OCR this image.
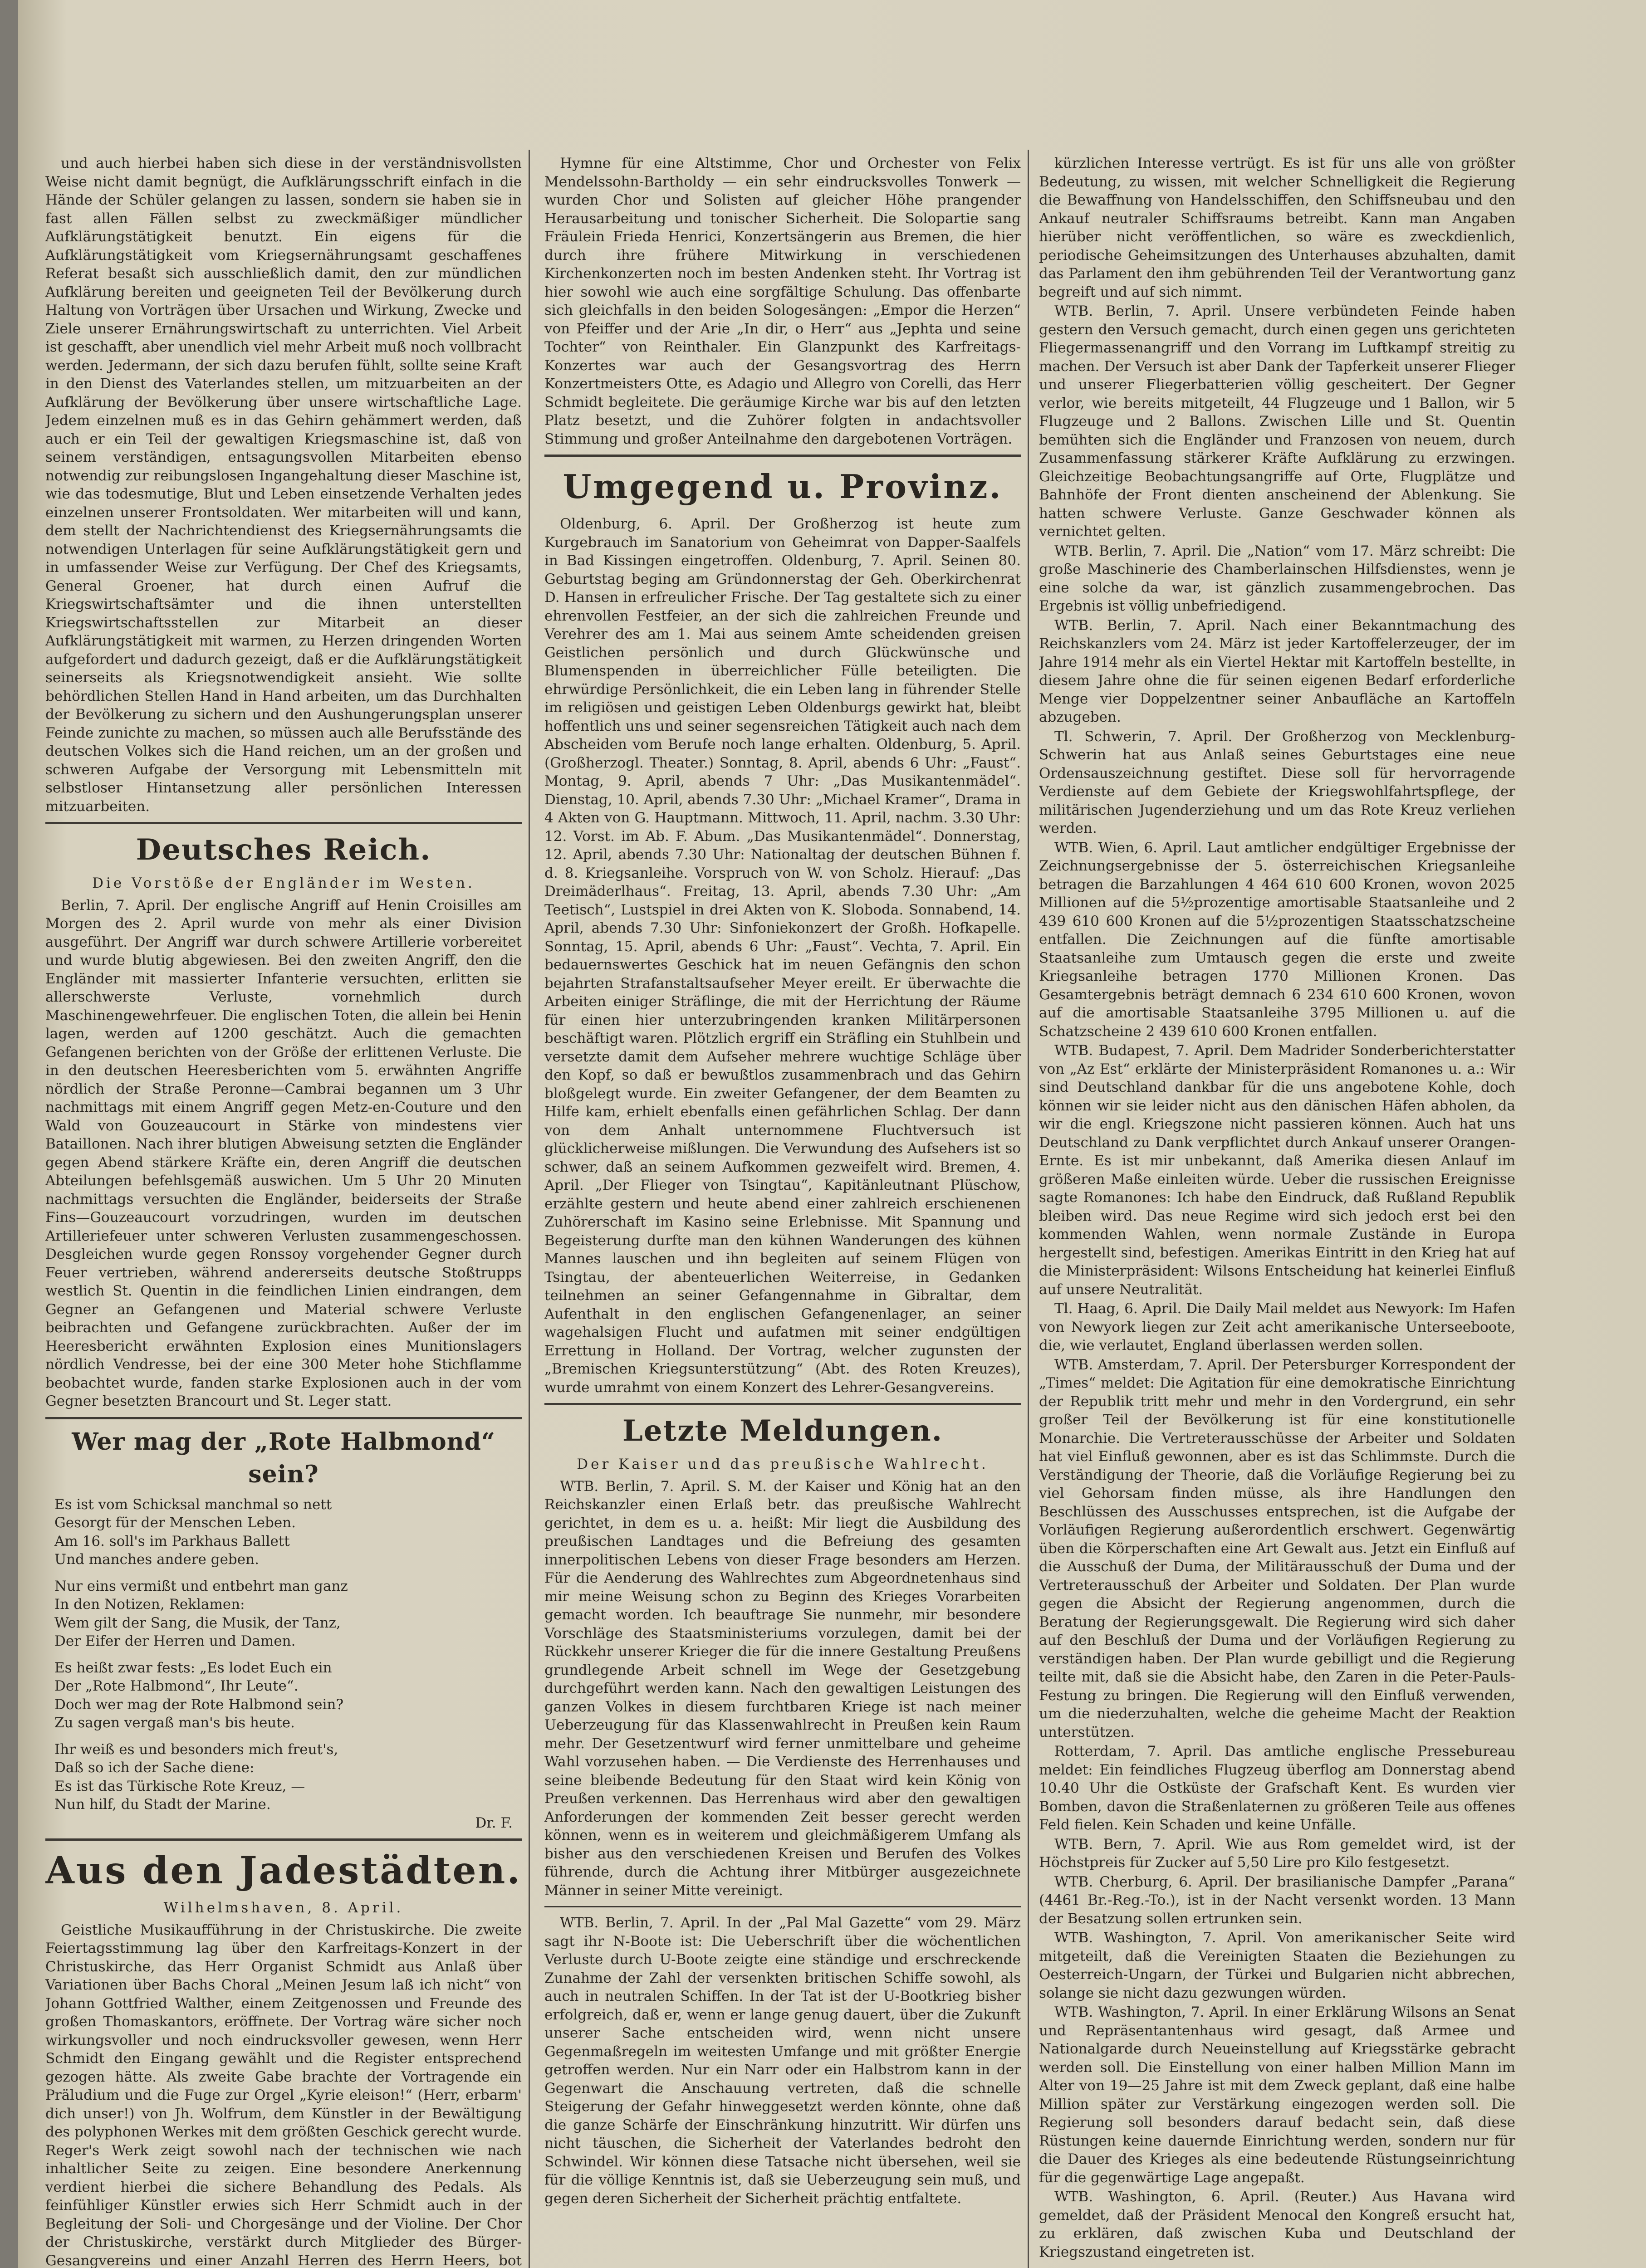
und auch hierbei haben sich diese in der verständnisvollsten Weise nicht damit begnügt, die Aufklärungsschrift einfach in die Hände der Schüler gelangen zu lassen, sondern sie haben sie in fast allen Fällen selbst zu zweckmäßiger mündlicher Aufklärungstätigkeit benutzt. Ein eigens für die Aufklärungstätigkeit vom Kriegsernährungsamt geschaffenes Referat besaßt sich ausschließlich damit, den zur mündlichen Aufklärung bereiten und geeigneten Teil der Bevölkerung durch Haltung von Vorträgen über Ursachen und Wirkung, Zwecke und Ziele unserer Ernährungswirtschaft zu unterrichten. Viel Arbeit ist geschafft, aber unendlich viel mehr Arbeit muß noch vollbracht werden. Jedermann, der sich dazu berufen fühlt, sollte seine Kraft in den Dienst des Vaterlandes stellen, um mitzuarbeiten an der Aufklärung der Bevölkerung über unsere wirtschaftliche Lage. Jedem einzelnen muß es in das Gehirn gehämmert werden, daß auch er ein Teil der gewaltigen Kriegsmaschine ist, daß von seinem verständigen, entsagungsvollen Mitarbeiten ebenso notwendig zur reibungslosen Ingangehaltung dieser Maschine ist, wie das todesmutige, Blut und Leben einsetzende Verhalten jedes einzelnen unserer Frontsoldaten. Wer mitarbeiten will und kann, dem stellt der Nachrichtendienst des Kriegsernährungsamts die notwendigen Unterlagen für seine Aufklärungstätigkeit gern und in umfassender Weise zur Verfügung. Der Chef des Kriegsamts, General Groener, hat durch einen Aufruf die Kriegswirtschaftsämter und die ihnen unterstellten Kriegswirtschaftsstellen zur Mitarbeit an dieser Aufklärungstätigkeit mit warmen, zu Herzen dringenden Worten aufgefordert und dadurch gezeigt, daß er die Aufklärungstätigkeit seinerseits als Kriegsnotwendigkeit ansieht. Wie sollte behördlichen Stellen Hand in Hand arbeiten, um das Durchhalten der Bevölkerung zu sichern und den Aushungerungsplan unserer Feinde zunichte zu machen, so müssen auch alle Berufsstände des deutschen Volkes sich die Hand reichen, um an der großen und schweren Aufgabe der Versorgung mit Lebensmitteln mit selbstloser Hintansetzung aller persönlichen Interessen mitzuarbeiten.

Deutsches Reich.
Die Vorstöße der Engländer im Westen.

Berlin, 7. April. Der englische Angriff auf Henin Croisilles am Morgen des 2. April wurde von mehr als einer Division ausgeführt. Der Angriff war durch schwere Artillerie vorbereitet und wurde blutig abgewiesen. Bei den zweiten Angriff, den die Engländer mit massierter Infanterie versuchten, erlitten sie allerschwerste Verluste, vornehmlich durch Maschinengewehrfeuer. Die englischen Toten, die allein bei Henin lagen, werden auf 1200 geschätzt. Auch die gemachten Gefangenen berichten von der Größe der erlittenen Verluste. Die in den deutschen Heeresberichten vom 5. erwähnten Angriffe nördlich der Straße Peronne—Cambrai begannen um 3 Uhr nachmittags mit einem Angriff gegen Metz-en-Couture und den Wald von Gouzeaucourt in Stärke von mindestens vier Bataillonen. Nach ihrer blutigen Abweisung setzten die Engländer gegen Abend stärkere Kräfte ein, deren Angriff die deutschen Abteilungen befehlsgemäß auswichen. Um 5 Uhr 20 Minuten nachmittags versuchten die Engländer, beiderseits der Straße Fins—Gouzeaucourt vorzudringen, wurden im deutschen Artilleriefeuer unter schweren Verlusten zusammengeschossen. Desgleichen wurde gegen Ronssoy vorgehender Gegner durch Feuer vertrieben, während andererseits deutsche Stoßtrupps westlich St. Quentin in die feindlichen Linien eindrangen, dem Gegner an Gefangenen und Material schwere Verluste beibrachten und Gefangene zurückbrachten. Außer der im Heeresbericht erwähnten Explosion eines Munitionslagers nördlich Vendresse, bei der eine 300 Meter hohe Stichflamme beobachtet wurde, fanden starke Explosionen auch in der vom Gegner besetzten Brancourt und St. Leger statt.

Wer mag der „Rote Halbmond“ sein?
Es ist vom Schicksal manchmal so nett
Gesorgt für der Menschen Leben.
Am 16. soll's im Parkhaus Ballett
Und manches andere geben.

Nur eins vermißt und entbehrt man ganz
In den Notizen, Reklamen:
Wem gilt der Sang, die Musik, der Tanz,
Der Eifer der Herren und Damen.

Es heißt zwar fests: „Es lodet Euch ein
Der „Rote Halbmond“, Ihr Leute“.
Doch wer mag der Rote Halbmond sein?
Zu sagen vergaß man's bis heute.

Ihr weiß es und besonders mich freut's,
Daß so ich der Sache diene:
Es ist das Türkische Rote Kreuz, —
Nun hilf, du Stadt der Marine.
Dr. F.
Aus den Jadestädten.
Wilhelmshaven, 8. April.

Geistliche Musikaufführung in der Christuskirche. Die zweite Feiertagsstimmung lag über den Karfreitags-Konzert in der Christuskirche, das Herr Organist Schmidt aus Anlaß über Variationen über Bachs Choral „Meinen Jesum laß ich nicht“ von Johann Gottfried Walther, einem Zeitgenossen und Freunde des großen Thomaskantors, eröffnete. Der Vortrag wäre sicher noch wirkungsvoller und noch eindrucksvoller gewesen, wenn Herr Schmidt den Eingang gewählt und die Register entsprechend gezogen hätte. Als zweite Gabe brachte der Vortragende ein Präludium und die Fuge zur Orgel „Kyrie eleison!“ (Herr, erbarm' dich unser!) von Jh. Wolfrum, dem Künstler in der Bewältigung des polyphonen Werkes mit dem größten Geschick gerecht wurde. Reger's Werk zeigt sowohl nach der technischen wie nach inhaltlicher Seite zu zeigen. Eine besondere Anerkennung verdient hierbei die sichere Behandlung des Pedals. Als feinfühliger Künstler erwies sich Herr Schmidt auch in der Begleitung der Soli- und Chorgesänge und der Violine. Der Chor der Christuskirche, verstärkt durch Mitglieder des Bürger-Gesangvereins und einer Anzahl Herren des Herrn Heers, bot

Hymne für eine Altstimme, Chor und Orchester von Felix Mendelssohn-Bartholdy — ein sehr eindrucksvolles Tonwerk — wurden Chor und Solisten auf gleicher Höhe prangender Herausarbeitung und tonischer Sicherheit. Die Solopartie sang Fräulein Frieda Henrici, Konzertsängerin aus Bremen, die hier durch ihre frühere Mitwirkung in verschiedenen Kirchenkonzerten noch im besten Andenken steht. Ihr Vortrag ist hier sowohl wie auch eine sorgfältige Schulung. Das offenbarte sich gleichfalls in den beiden Sologesängen: „Empor die Herzen“ von Pfeiffer und der Arie „In dir, o Herr“ aus „Jephta und seine Tochter“ von Reinthaler. Ein Glanzpunkt des Karfreitags-Konzertes war auch der Gesangsvortrag des Herrn Konzertmeisters Otte, es Adagio und Allegro von Corelli, das Herr Schmidt begleitete. Die geräumige Kirche war bis auf den letzten Platz besetzt, und die Zuhörer folgten in andachtsvoller Stimmung und großer Anteilnahme den dargebotenen Vorträgen.

Umgegend u. Provinz.

Oldenburg, 6. April. Der Großherzog ist heute zum Kurgebrauch im Sanatorium von Geheimrat von Dapper-Saalfels in Bad Kissingen eingetroffen. Oldenburg, 7. April. Seinen 80. Geburtstag beging am Gründonnerstag der Geh. Oberkirchenrat D. Hansen in erfreulicher Frische. Der Tag gestaltete sich zu einer ehrenvollen Festfeier, an der sich die zahlreichen Freunde und Verehrer des am 1. Mai aus seinem Amte scheidenden greisen Geistlichen persönlich und durch Glückwünsche und Blumenspenden in überreichlicher Fülle beteiligten. Die ehrwürdige Persönlichkeit, die ein Leben lang in führender Stelle im religiösen und geistigen Leben Oldenburgs gewirkt hat, bleibt hoffentlich uns und seiner segensreichen Tätigkeit auch nach dem Abscheiden vom Berufe noch lange erhalten. Oldenburg, 5. April. (Großherzogl. Theater.) Sonntag, 8. April, abends 6 Uhr: „Faust“. Montag, 9. April, abends 7 Uhr: „Das Musikantenmädel“. Dienstag, 10. April, abends 7.30 Uhr: „Michael Kramer“, Drama in 4 Akten von G. Hauptmann. Mittwoch, 11. April, nachm. 3.30 Uhr: 12. Vorst. im Ab. F. Abum. „Das Musikantenmädel“. Donnerstag, 12. April, abends 7.30 Uhr: Nationaltag der deutschen Bühnen f. d. 8. Kriegsanleihe. Vorspruch von W. von Scholz. Hierauf: „Das Dreimäderlhaus“. Freitag, 13. April, abends 7.30 Uhr: „Am Teetisch“, Lustspiel in drei Akten von K. Slobodа. Sonnabend, 14. April, abends 7.30 Uhr: Sinfoniekonzert der Großh. Hofkapelle. Sonntag, 15. April, abends 6 Uhr: „Faust“. Vechta, 7. April. Ein bedauernswertes Geschick hat im neuen Gefängnis den schon bejahrten Strafanstaltsaufseher Meyer ereilt. Er überwachte die Arbeiten einiger Sträflinge, die mit der Herrichtung der Räume für einen hier unterzubringenden kranken Militärpersonen beschäftigt waren. Plötzlich ergriff ein Sträfling ein Stuhlbein und versetzte damit dem Aufseher mehrere wuchtige Schläge über den Kopf, so daß er bewußtlos zusammenbrach und das Gehirn bloßgelegt wurde. Ein zweiter Gefangener, der dem Beamten zu Hilfe kam, erhielt ebenfalls einen gefährlichen Schlag. Der dann von dem Anhalt unternommene Fluchtversuch ist glücklicherweise mißlungen. Die Verwundung des Aufsehers ist so schwer, daß an seinem Aufkommen gezweifelt wird. Bremen, 4. April. „Der Flieger von Tsingtau“, Kapitänleutnant Plüschow, erzählte gestern und heute abend einer zahlreich erschienenen Zuhörerschaft im Kasino seine Erlebnisse. Mit Spannung und Begeisterung durfte man den kühnen Wanderungen des kühnen Mannes lauschen und ihn begleiten auf seinem Flügen von Tsingtau, der abenteuerlichen Weiterreise, in Gedanken teilnehmen an seiner Gefangennahme in Gibraltar, dem Aufenthalt in den englischen Gefangenenlager, an seiner wagehalsigen Flucht und aufatmen mit seiner endgültigen Errettung in Holland. Der Vortrag, welcher zugunsten der „Bremischen Kriegsunterstützung“ (Abt. des Roten Kreuzes), wurde umrahmt von einem Konzert des Lehrer-Gesangvereins.

Letzte Meldungen.
Der Kaiser und das preußische Wahlrecht.

WTB. Berlin, 7. April. S. M. der Kaiser und König hat an den Reichskanzler einen Erlaß betr. das preußische Wahlrecht gerichtet, in dem es u. a. heißt: Mir liegt die Ausbildung des preußischen Landtages und die Befreiung des gesamten innerpolitischen Lebens von dieser Frage besonders am Herzen. Für die Aenderung des Wahlrechtes zum Abgeordnetenhaus sind mir meine Weisung schon zu Beginn des Krieges Vorarbeiten gemacht worden. Ich beauftrage Sie nunmehr, mir besondere Vorschläge des Staatsministeriums vorzulegen, damit bei der Rückkehr unserer Krieger die für die innere Gestaltung Preußens grundlegende Arbeit schnell im Wege der Gesetzgebung durchgeführt werden kann. Nach den gewaltigen Leistungen des ganzen Volkes in diesem furchtbaren Kriege ist nach meiner Ueberzeugung für das Klassenwahlrecht in Preußen kein Raum mehr. Der Gesetzentwurf wird ferner unmittelbare und geheime Wahl vorzusehen haben. — Die Verdienste des Herrenhauses und seine bleibende Bedeutung für den Staat wird kein König von Preußen verkennen. Das Herrenhaus wird aber den gewaltigen Anforderungen der kommenden Zeit besser gerecht werden können, wenn es in weiterem und gleichmäßigerem Umfang als bisher aus den verschiedenen Kreisen und Berufen des Volkes führende, durch die Achtung ihrer Mitbürger ausgezeichnete Männer in seiner Mitte vereinigt.

WTB. Berlin, 7. April. In der „Pal Mal Gazette“ vom 29. März sagt ihr N-Boote ist: Die Ueberschrift über die wöchentlichen Verluste durch U-Boote zeigte eine ständige und erschreckende Zunahme der Zahl der versenkten britischen Schiffe sowohl, als auch in neutralen Schiffen. In der Tat ist der U-Bootkrieg bisher erfolgreich, daß er, wenn er lange genug dauert, über die Zukunft unserer Sache entscheiden wird, wenn nicht unsere Gegenmaßregeln im weitesten Umfange und mit größter Energie getroffen werden. Nur ein Narr oder ein Halbstrom kann in der Gegenwart die Anschauung vertreten, daß die schnelle Steigerung der Gefahr hinweggesetzt werden könnte, ohne daß die ganze Schärfe der Einschränkung hinzutritt. Wir dürfen uns nicht täuschen, die Sicherheit der Vaterlandes bedroht den Schwindel. Wir können diese Tatsache nicht übersehen, weil sie für die völlige Kenntnis ist, daß sie Ueberzeugung sein muß, und gegen deren Sicherheit der Sicherheit prächtig entfaltete.

kürzlichen Interesse vertrügt. Es ist für uns alle von größter Bedeutung, zu wissen, mit welcher Schnelligkeit die Regierung die Bewaffnung von Handelsschiffen, den Schiffsneubau und den Ankauf neutraler Schiffsraums betreibt. Kann man Angaben hierüber nicht veröffentlichen, so wäre es zweckdienlich, periodische Geheimsitzungen des Unterhauses abzuhalten, damit das Parlament den ihm gebührenden Teil der Verantwortung ganz begreift und auf sich nimmt.

WTB. Berlin, 7. April. Unsere verbündeten Feinde haben gestern den Versuch gemacht, durch einen gegen uns gerichteten Fliegermassenangriff und den Vorrang im Luftkampf streitig zu machen. Der Versuch ist aber Dank der Tapferkeit unserer Flieger und unserer Fliegerbatterien völlig gescheitert. Der Gegner verlor, wie bereits mitgeteilt, 44 Flugzeuge und 1 Ballon, wir 5 Flugzeuge und 2 Ballons. Zwischen Lille und St. Quentin bemühten sich die Engländer und Franzosen von neuem, durch Zusammenfassung stärkerer Kräfte Aufklärung zu erzwingen. Gleichzeitige Beobachtungsangriffe auf Orte, Flugplätze und Bahnhöfe der Front dienten anscheinend der Ablenkung. Sie hatten schwere Verluste. Ganze Geschwader können als vernichtet gelten.

WTB. Berlin, 7. April. Die „Nation“ vom 17. März schreibt: Die große Maschinerie des Chamberlainschen Hilfsdienstes, wenn je eine solche da war, ist gänzlich zusammengebrochen. Das Ergebnis ist völlig unbefriedigend.

WTB. Berlin, 7. April. Nach einer Bekanntmachung des Reichskanzlers vom 24. März ist jeder Kartoffelerzeuger, der im Jahre 1914 mehr als ein Viertel Hektar mit Kartoffeln bestellte, in diesem Jahre ohne die für seinen eigenen Bedarf erforderliche Menge vier Doppelzentner seiner Anbaufläche an Kartoffeln abzugeben.

Tl. Schwerin, 7. April. Der Großherzog von Mecklenburg-Schwerin hat aus Anlaß seines Geburtstages eine neue Ordensauszeichnung gestiftet. Diese soll für hervorragende Verdienste auf dem Gebiete der Kriegswohlfahrtspflege, der militärischen Jugenderziehung und um das Rote Kreuz verliehen werden.

WTB. Wien, 6. April. Laut amtlicher endgültiger Ergebnisse der Zeichnungsergebnisse der 5. österreichischen Kriegsanleihe betragen die Barzahlungen 4 464 610 600 Kronen, wovon 2025 Millionen auf die 5½prozentige amortisable Staatsanleihe und 2 439 610 600 Kronen auf die 5½prozentigen Staatsschatzscheine entfallen. Die Zeichnungen auf die fünfte amortisable Staatsanleihe zum Umtausch gegen die erste und zweite Kriegsanleihe betragen 1770 Millionen Kronen. Das Gesamtergebnis beträgt demnach 6 234 610 600 Kronen, wovon auf die amortisable Staatsanleihe 3795 Millionen u. auf die Schatzscheine 2 439 610 600 Kronen entfallen.

WTB. Budapest, 7. April. Dem Madrider Sonderberichterstatter von „Az Est“ erklärte der Ministerpräsident Romanones u. a.: Wir sind Deutschland dankbar für die uns angebotene Kohle, doch können wir sie leider nicht aus den dänischen Häfen abholen, da wir die engl. Kriegszone nicht passieren können. Auch hat uns Deutschland zu Dank verpflichtet durch Ankauf unserer Orangen-Ernte. Es ist mir unbekannt, daß Amerika diesen Anlauf im größeren Maße einleiten würde. Ueber die russischen Ereignisse sagte Romanones: Ich habe den Eindruck, daß Rußland Republik bleiben wird. Das neue Regime wird sich jedoch erst bei den kommenden Wahlen, wenn normale Zustände in Europa hergestellt sind, befestigen. Amerikas Eintritt in den Krieg hat auf die Ministerpräsident: Wilsons Entscheidung hat keinerlei Einfluß auf unsere Neutralität.

Tl. Haag, 6. April. Die Daily Mail meldet aus Newyork: Im Hafen von Newyork liegen zur Zeit acht amerikanische Unterseeboote, die, wie verlautet, England überlassen werden sollen.

WTB. Amsterdam, 7. April. Der Petersburger Korrespondent der „Times“ meldet: Die Agitation für eine demokratische Einrichtung der Republik tritt mehr und mehr in den Vordergrund, ein sehr großer Teil der Bevölkerung ist für eine konstitutionelle Monarchie. Die Vertreterausschüsse der Arbeiter und Soldaten hat viel Einfluß gewonnen, aber es ist das Schlimmste. Durch die Verständigung der Theorie, daß die Vorläufige Regierung bei zu viel Gehorsam finden müsse, als ihre Handlungen den Beschlüssen des Ausschusses entsprechen, ist die Aufgabe der Vorläufigen Regierung außerordentlich erschwert. Gegenwärtig üben die Körperschaften eine Art Gewalt aus. Jetzt ein Einfluß auf die Ausschuß der Duma, der Militärausschuß der Duma und der Vertreterausschuß der Arbeiter und Soldaten. Der Plan wurde gegen die Absicht der Regierung angenommen, durch die Beratung der Regierungsgewalt. Die Regierung wird sich daher auf den Beschluß der Duma und der Vorläufigen Regierung zu verständigen haben. Der Plan wurde gebilligt und die Regierung teilte mit, daß sie die Absicht habe, den Zaren in die Peter-Pauls-Festung zu bringen. Die Regierung will den Einfluß verwenden, um die niederzuhalten, welche die geheime Macht der Reaktion unterstützen.

Rotterdam, 7. April. Das amtliche englische Pressebureau meldet: Ein feindliches Flugzeug überflog am Donnerstag abend 10.40 Uhr die Ostküste der Grafschaft Kent. Es wurden vier Bomben, davon die Straßenlaternen zu größeren Teile aus offenes Feld fielen. Kein Schaden und keine Unfälle.

WTB. Bern, 7. April. Wie aus Rom gemeldet wird, ist der Höchstpreis für Zucker auf 5,50 Lire pro Kilo festgesetzt.

WTB. Cherburg, 6. April. Der brasilianische Dampfer „Parana“ (4461 Br.-Reg.-To.), ist in der Nacht versenkt worden. 13 Mann der Besatzung sollen ertrunken sein.

WTB. Washington, 7. April. Von amerikanischer Seite wird mitgeteilt, daß die Vereinigten Staaten die Beziehungen zu Oesterreich-Ungarn, der Türkei und Bulgarien nicht abbrechen, solange sie nicht dazu gezwungen würden.

WTB. Washington, 7. April. In einer Erklärung Wilsons an Senat und Repräsentantenhaus wird gesagt, daß Armee und Nationalgarde durch Neueinstellung auf Kriegsstärke gebracht werden soll. Die Einstellung von einer halben Million Mann im Alter von 19—25 Jahre ist mit dem Zweck geplant, daß eine halbe Million später zur Verstärkung eingezogen werden soll. Die Regierung soll besonders darauf bedacht sein, daß diese Rüstungen keine dauernde Einrichtung werden, sondern nur für die Dauer des Krieges als eine bedeutende Rüstungseinrichtung für die gegenwärtige Lage angepaßt.

WTB. Washington, 6. April. (Reuter.) Aus Havana wird gemeldet, daß der Präsident Menocal den Kongreß ersucht hat, zu erklären, daß zwischen Kuba und Deutschland der Kriegszustand eingetreten ist.
